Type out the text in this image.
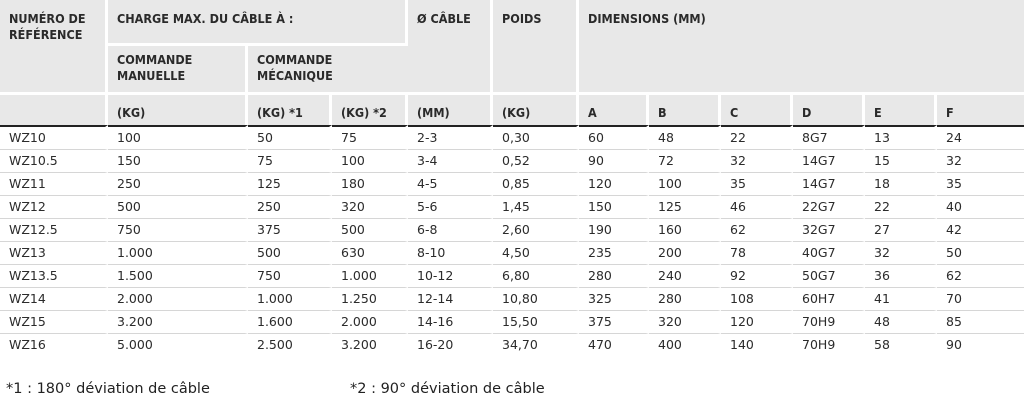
NUMÉRO DE RÉFÉRENCE	CHARGE MAX. DU CÂBLE À :			Ø CÂBLE	POIDS	DIMENSIONS (MM)					
	COMMANDE MANUELLE	COMMANDE MÉCANIQUE									
	(KG)	(KG) *1	(KG) *2	(MM)	(KG)	A	B	C	D	E	F
WZ10	100	50	75	2-3	0,30	60	48	22	8G7	13	24
WZ10.5	150	75	100	3-4	0,52	90	72	32	14G7	15	32
WZ11	250	125	180	4-5	0,85	120	100	35	14G7	18	35
WZ12	500	250	320	5-6	1,45	150	125	46	22G7	22	40
WZ12.5	750	375	500	6-8	2,60	190	160	62	32G7	27	42
WZ13	1.000	500	630	8-10	4,50	235	200	78	40G7	32	50
WZ13.5	1.500	750	1.000	10-12	6,80	280	240	92	50G7	36	62
WZ14	2.000	1.000	1.250	12-14	10,80	325	280	108	60H7	41	70
WZ15	3.200	1.600	2.000	14-16	15,50	375	320	120	70H9	48	85
WZ16	5.000	2.500	3.200	16-20	34,70	470	400	140	70H9	58	90
*1 : 180° déviation de câble	*2 : 90° déviation de câble
